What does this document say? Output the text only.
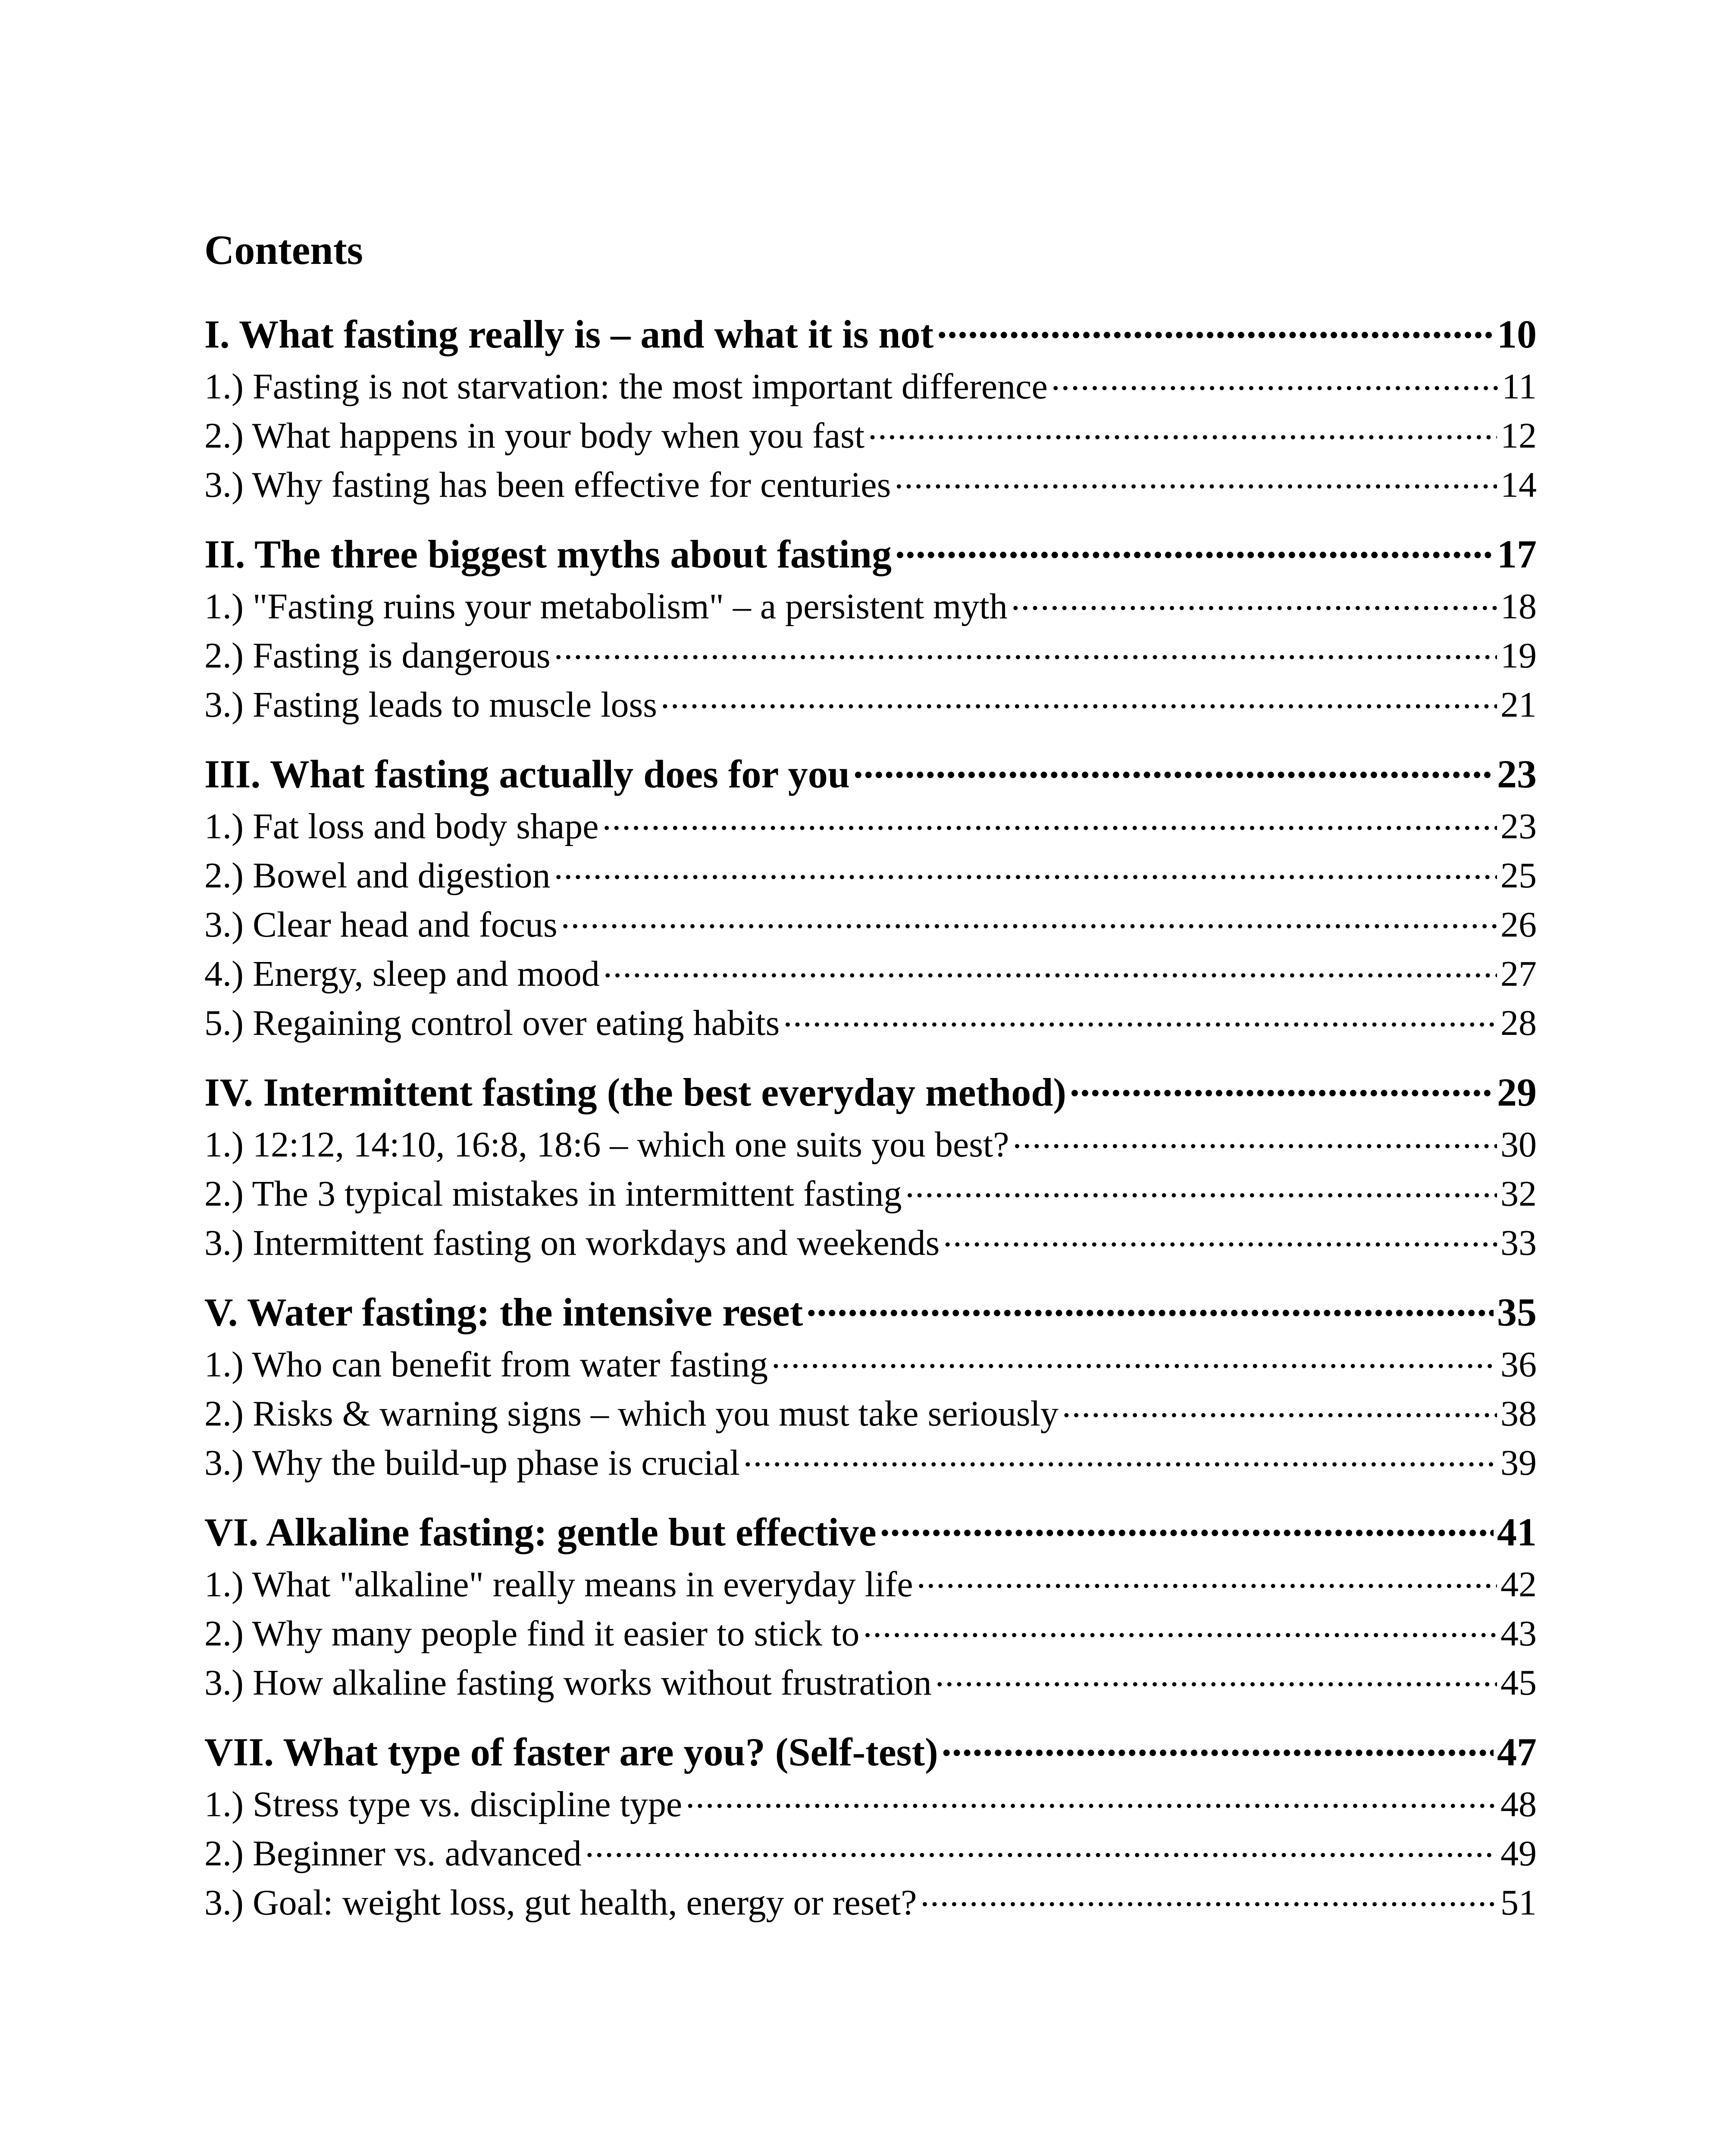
Contents
I. What fasting really is – and what it is not .....	10
1.) Fasting is not starvation: the most important difference .....	11
2.) What happens in your body when you fast .....	12
3.) Why fasting has been effective for centuries .....	14
II. The three biggest myths about fasting .....	17
1.) "Fasting ruins your metabolism" – a persistent myth .....	18
2.) Fasting is dangerous .....	19
3.) Fasting leads to muscle loss .....	21
III. What fasting actually does for you .....	23
1.) Fat loss and body shape .....	23
2.) Bowel and digestion .....	25
3.) Clear head and focus .....	26
4.) Energy, sleep and mood .....	27
5.) Regaining control over eating habits .....	28
IV. Intermittent fasting (the best everyday method) .....	29
1.) 12:12, 14:10, 16:8, 18:6 – which one suits you best? .....	30
2.) The 3 typical mistakes in intermittent fasting .....	32
3.) Intermittent fasting on workdays and weekends .....	33
V. Water fasting: the intensive reset .....	35
1.) Who can benefit from water fasting .....	36
2.) Risks & warning signs – which you must take seriously .....	38
3.) Why the build-up phase is crucial .....	39
VI. Alkaline fasting: gentle but effective .....	41
1.) What "alkaline" really means in everyday life .....	42
2.) Why many people find it easier to stick to .....	43
3.) How alkaline fasting works without frustration .....	45
VII. What type of faster are you? (Self-test) .....	47
1.) Stress type vs. discipline type .....	48
2.) Beginner vs. advanced .....	49
3.) Goal: weight loss, gut health, energy or reset? .....	51
